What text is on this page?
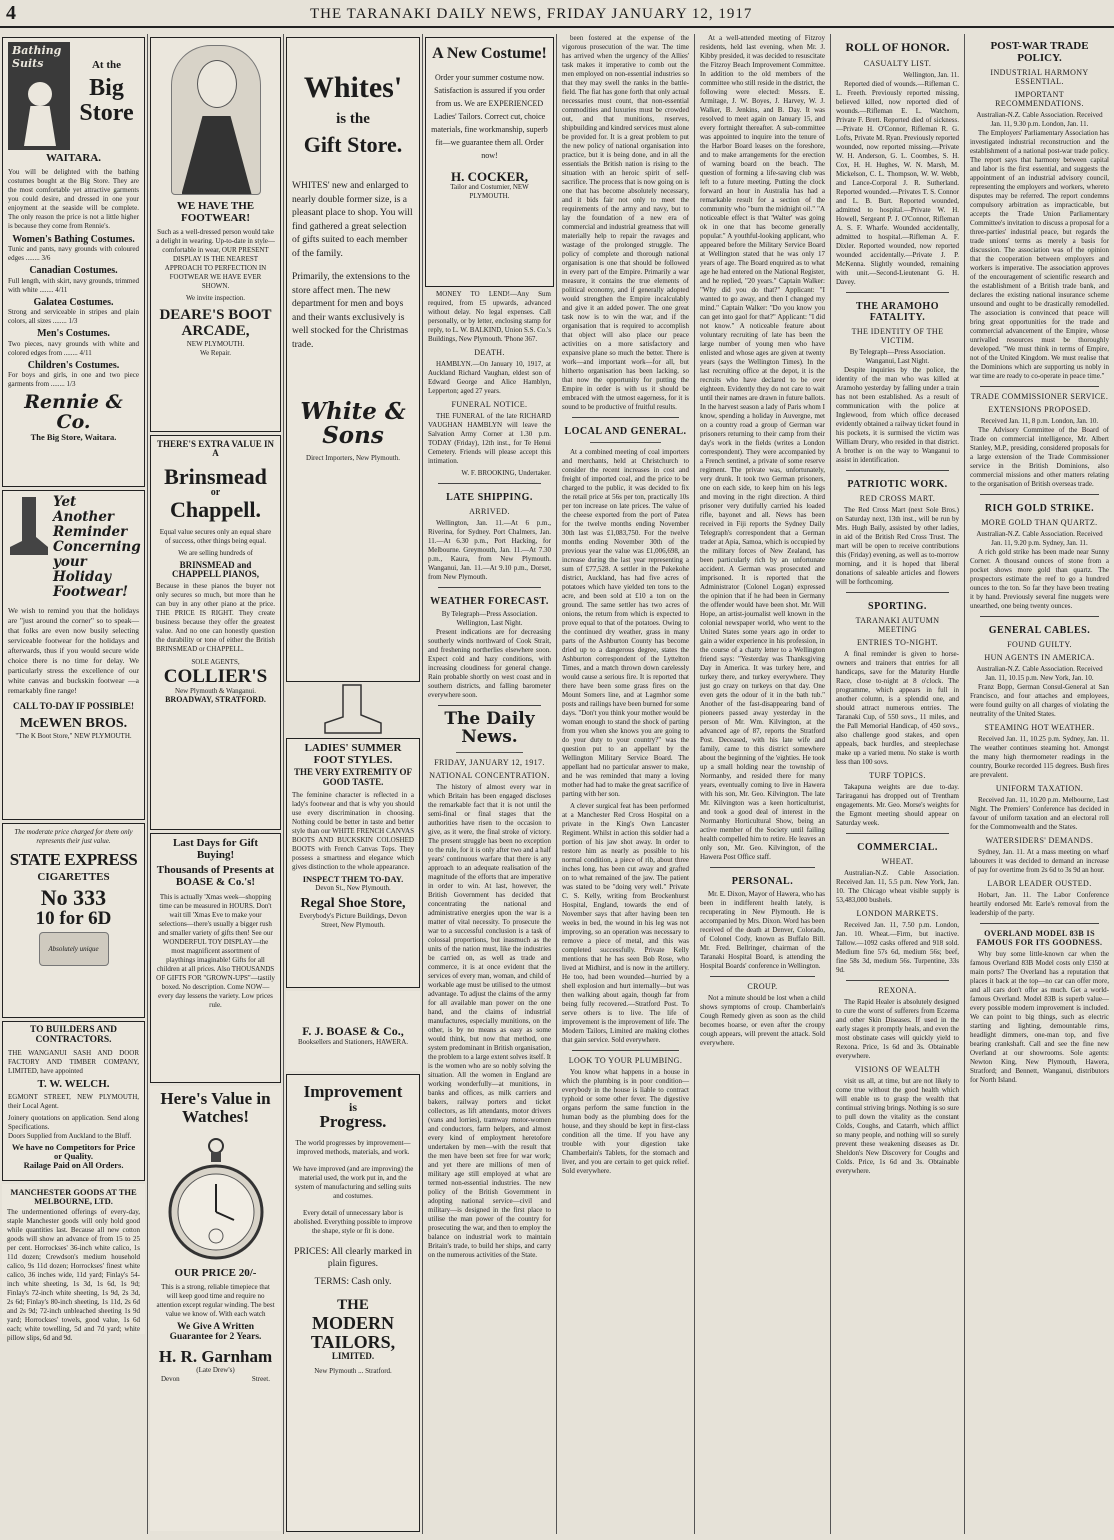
4	THE TARANAKI DAILY NEWS, FRIDAY JANUARY 12, 1917
Bathing Suits	At the
Big Store
WAITARA.
You will be delighted with the bathing costumes bought at the Big Store. They are the most comfortable yet attractive garments you could desire, and dressed in one your enjoyment at the seaside will be complete. The only reason the price is not a little higher is because they come from Rennie's.
Women's Bathing Costumes.
Tunic and pants, navy grounds with coloured edges ........ 3/6
Canadian Costumes.
Full length, with skirt, navy grounds, trimmed with white ........ 4/11
Galatea Costumes.
Strong and serviceable in stripes and plain colors, all sizes ........ 1/3
Men's Costumes.
Two pieces, navy grounds with white and colored edges from ........ 4/11
Children's Costumes.
For boys and girls, in one and two piece garments from ........ 1/3
Rennie & Co.
The Big Store, Waitara.
Yet Another Reminder Concerning your Holiday Footwear!
We wish to remind you that the holidays are "just around the corner" so to speak—that folks are even now busily selecting serviceable footwear for the holidays and afterwards, thus if you would secure wide choice there is no time for delay. We particularly stress the excellence of our white canvas and buckskin footwear —a remarkably fine range!
CALL TO-DAY IF POSSIBLE!
McEWEN BROS.
"The K Boot Store," NEW PLYMOUTH.
The moderate price charged for them only represents their just value.
STATE EXPRESS
CIGARETTES
No 333
10 for 6D
Absolutely unique
TO BUILDERS AND CONTRACTORS.
THE WANGANUI SASH AND DOOR FACTORY AND TIMBER COMPANY, LIMITED, have appointed
T. W. WELCH.
EGMONT STREET, NEW PLYMOUTH, their Local Agent.
Joinery quotations on application. Send along Specifications.
Doors Supplied from Auckland to the Bluff.
We have no Competitors for Price or Quality.
Railage Paid on All Orders.
MANCHESTER GOODS AT THE MELBOURNE, LTD.
The undermentioned offerings of every-day, staple Manchester goods will only hold good while quantities last. Because all new cotton goods will show an advance of from 15 to 25 per cent. Horrockses' 36-inch white calico, 1s 11d dozen; Crewdson's medium household calico, 9s 11d dozen; Horrockses' finest white calico, 36 inches wide, 11d yard; Finlay's 54-inch white sheeting, 1s 3d, 1s 6d, 1s 9d; Finlay's 72-inch white sheeting, 1s 9d, 2s 3d, 2s 6d; Finlay's 80-inch sheeting, 1s 11d, 2s 6d and 2s 9d; 72-inch unbleached sheeting 1s 9d yard; Horrockses' towels, good value, 1s 6d each; white towelling, 5d and 7d yard; white pillow slips, 6d and 9d.
WE HAVE THE FOOTWEAR!
Such as a well-dressed person would take a delight in wearing. Up-to-date in style—comfortable in wear, OUR PRESENT DISPLAY IS THE NEAREST APPROACH TO PERFECTION IN FOOTWEAR WE HAVE EVER SHOWN.
We invite inspection.
DEARE'S BOOT ARCADE,
NEW PLYMOUTH.
We Repair.
THERE'S EXTRA VALUE IN A
Brinsmead
or
Chappell.
Equal value secures only an equal share of success, other things being equal.
We are selling hundreds of
BRINSMEAD and CHAPPELL PIANOS,
Because in these pianos the buyer not only secures so much, but more than he can buy in any other piano at the price. THE PRICE IS RIGHT. They create business because they offer the greatest value. And no one can honestly question the durability or tone of either the British BRINSMEAD or CHAPPELL.
SOLE AGENTS,
COLLIER'S
New Plymouth & Wanganui.
BROADWAY, STRATFORD.
Last Days for Gift Buying!
Thousands of Presents at BOASE & Co.'s!
This is actually 'Xmas week—shopping time can be measured in HOURS. Don't wait till 'Xmas Eve to make your selections—there's usually a bigger rush and smaller variety of gifts then! See our WONDERFUL TOY DISPLAY—the most magnificent assortment of playthings imaginable! Gifts for all children at all prices. Also THOUSANDS OF GIFTS FOR "GROWN-UPS"—tastily boxed. No description. Come NOW—every day lessens the variety. Low prices rule.
Here's Value in Watches!
OUR PRICE 20/-
This is a strong, reliable timepiece that will keep good time and require no attention except regular winding. The best value we know of. With each watch
We Give A Written Guarantee for 2 Years.
H. R. Garnham
(Late Drew's)
Devon	Street.
Whites'
is the
Gift Store.
WHITES' new and enlarged to nearly double former size, is a pleasant place to shop. You will find gathered a great selection of gifts suited to each member of the family.
Primarily, the extensions to the store affect men. The new department for men and boys and their wants exclusively is well stocked for the Christmas trade.
White & Sons
Direct Importers, New Plymouth.
LADIES' SUMMER FOOT STYLES.
THE VERY EXTREMITY OF GOOD TASTE.
The feminine character is reflected in a lady's footwear and that is why you should use every discrimination in choosing. Nothing could be better in taste and better style than our WHITE FRENCH CANVAS BOOTS AND BUCKSKIN COLOSHED BOOTS with French Canvas Tops. They possess a smartness and elegance which gives distinction to the whole appearance.
INSPECT THEM TO-DAY.
Devon St., New Plymouth.
Regal Shoe Store,
Everybody's Picture Buildings, Devon Street, New Plymouth.
F. J. BOASE & Co.,
Booksellers and Stationers, HAWERA.
Improvement
is
Progress.
The world progresses by improvement—improved methods, materials, and work.
We have improved (and are improving) the material used, the work put in, and the system of manufacturing and selling suits and costumes.
Every detail of unnecessary labor is abolished. Everything possible to improve the shape, style or fit is done.
PRICES: All clearly marked in plain figures.
TERMS: Cash only.
THE
MODERN TAILORS,
LIMITED.
New Plymouth ... Stratford.
A New Costume!
Order your summer costume now. Satisfaction is assured if you order from us. We are EXPERIENCED Ladies' Tailors. Correct cut, choice materials, fine workmanship, superb fit—we guarantee them all. Order now!
H. COCKER,
Tailor and Costumier, NEW PLYMOUTH.

MONEY TO LEND!—Any Sum required, from £5 upwards, advanced without delay. No legal expenses. Call personally, or by letter, enclosing stamp for reply, to L. W. BALKIND, Union S.S. Co.'s Buildings, New Plymouth. 'Phone 367.

DEATH.

HAMBLYN.—On January 10, 1917, at Auckland Richard Vaughan, eldest son of Edward George and Alice Hamblyn, Lepperton; aged 27 years.

FUNERAL NOTICE.

THE FUNERAL of the late RICHARD VAUGHAN HAMBLYN will leave the Salvation Army Corner at 1.30 p.m. TODAY (Friday), 12th inst., for Te Henui Cemetery. Friends will please accept this intimation.

W. F. BROOKING, Undertaker.

LATE SHIPPING.
ARRIVED.

Wellington, Jan. 11.—At 6 p.m., Riverina, for Sydney. Port Chalmers, Jan. 11.—At 6.30 p.m., Port Hacking, for Melbourne. Greymouth, Jan. 11.—At 7.30 p.m., Kaura, from New Plymouth. Wanganui, Jan. 11.—At 9.10 p.m., Dorset, from New Plymouth.

WEATHER FORECAST.

By Telegraph—Press Association. Wellington, Last Night.

Present indications are for decreasing southerly winds northward of Cook Strait, and freshening northerlies elsewhere soon. Expect cold and hazy conditions, with increasing cloudiness for general change. Rain probable shortly on west coast and in southern districts, and falling barometer everywhere soon.

The Daily News.
FRIDAY, JANUARY 12, 1917.
NATIONAL CONCENTRATION.

The history of almost every war in which Britain has been engaged discloses the remarkable fact that it is not until the semi-final or final stages that the authorities have risen to the occasion to give, as it were, the final stroke of victory. The present struggle has been no exception to the rule, for it is only after two and a half years' continuous warfare that there is any approach to an adequate realisation of the magnitude of the efforts that are imperative in order to win. At last, however, the British Government has decided that concentrating the national and administrative energies upon the war is a matter of vital necessity. To prosecute the war to a successful conclusion is a task of colossal proportions, but inasmuch as the units of the nation must, like the industries be carried on, as well as trade and commerce, it is at once evident that the services of every man, woman, and child of workable age must be utilised to the utmost advantage. To adjust the claims of the army for all available man power on the one hand, and the claims of industrial manufactures, especially munitions, on the other, is by no means as easy as some would think, but now that method, one system predominant in British organisation, the problem to a large extent solves itself. It is the women who are so nobly solving the situation. All the women in England are working wonderfully—at munitions, in banks and offices, as milk carriers and bakers, railway porters and ticket collectors, as lift attendants, motor drivers (vans and lorries), tramway motor-women and conductors, farm helpers, and almost every kind of employment heretofore undertaken by men—with the result that the men have been set free for war work; and yet there are millions of men of military age still employed at what are termed non-essential industries. The new policy of the British Government in adopting national service—civil and military—is designed in the first place to utilise the man power of the country for prosecuting the war, and then to employ the balance on industrial work to maintain Britain's trade, to build her ships, and carry on the numerous activities of the State.

been fostered at the expense of the vigorous prosecution of the war. The time has arrived when the urgency of the Allies' task makes it imperative to comb out the men employed on non-essential industries so that they may swell the ranks in the battle-field. The fiat has gone forth that only actual necessaries must count, that non-essential commodities and luxuries must be crowded out, and that munitions, reserves, shipbuilding and kindred services must alone be provided for. It is a great problem to put the new policy of national organisation into practice, but it is being done, and in all the essentials the British nation is rising to the situation with an heroic spirit of self-sacrifice. The process that is now going on is one that has become absolutely necessary, and it bids fair not only to meet the requirements of the army and navy, but to lay the foundation of a new era of commercial and industrial greatness that will materially help to repair the ravages and wastage of the prolonged struggle. The policy of complete and thorough national organisation is one that should be followed in every part of the Empire. Primarily a war measure, it contains the true elements of political economy, and if generally adopted would strengthen the Empire incalculably and give it an added power. The one great task now is to win the war, and if the organisation that is required to accomplish that object will also place our peace activities on a more satisfactory and expansive plane so much the better. There is work—and important work—for all, but hitherto organisation has been lacking, so that now the opportunity for putting the Empire in order is with us it should be embraced with the utmost eagerness, for it is sound to be productive of fruitful results.

LOCAL AND GENERAL.

At a combined meeting of coal importers and merchants, held at Christchurch to consider the recent increases in cost and freight of imported coal, and the price to be charged to the public, it was decided to fix the retail price at 56s per ton, practically 10s per ton increase on late prices. The value of the cheese exported from the port of Patea for the twelve months ending November 30th last was £1,083,750. For the twelve months ending November 30th of the previous year the value was £1,006,698, an increase during the last year representing a sum of £77,528. A settler in the Pukekohe district, Auckland, has had five acres of potatoes which have yielded ten tons to the acre, and been sold at £10 a ton on the ground. The same settler has two acres of onions, the return from which is expected to prove equal to that of the potatoes. Owing to the continued dry weather, grass in many parts of the Ashburton County has become dried up to a dangerous degree, states the Ashburton correspondent of the Lyttelton Times, and a match thrown down carelessly would cause a serious fire. It is reported that there have been some grass fires on the Mount Somers line, and at Lagmhor some posts and railings have been burned for some days. "Don't you think your mother would be woman enough to stand the shock of parting from you when she knows you are going to do your duty to your country?" was the question put to an appellant by the Wellington Military Service Board. The appellant had no particular answer to make, and he was reminded that many a loving mother had had to make the great sacrifice of parting with her son.

A clever surgical feat has been performed at a Manchester Red Cross Hospital on a private in the King's Own Lancaster Regiment. Whilst in action this soldier had a portion of his jaw shot away. In order to restore him as nearly as possible to his normal condition, a piece of rib, about three inches long, has been cut away and grafted on to what remained of the jaw. The patient was stated to be "doing very well." Private C. S. Kelly, writing from Brockenhurst Hospital, England, towards the end of November says that after having been ten weeks in bed, the wound in his leg was not improving, so an operation was necessary to remove a piece of metal, and this was completed successfully. Private Kelly mentions that he has seen Bob Rose, who lived at Midhirst, and is now in the artillery. He too, had been wounded—hurried by a shell explosion and hurt internally—but was then walking about again, though far from being fully recovered.—Stratford Post. To serve others is to live. The life of improvement is the improvement of life. The Modern Tailors, Limited are making clothes that gain service. Sold everywhere.

LOOK TO YOUR PLUMBING.

You know what happens in a house in which the plumbing is in poor condition—everybody in the house is liable to contract typhoid or some other fever. The digestive organs perform the same function in the human body as the plumbing does for the house, and they should be kept in first-class condition all the time. If you have any trouble with your digestion take Chamberlain's Tablets, for the stomach and liver, and you are certain to get quick relief. Sold everywhere.

At a well-attended meeting of Fitzroy residents, held last evening, when Mr. J. Kibby presided, it was decided to resuscitate the Fitzroy Beach Improvement Committee. In addition to the old members of the committee who still reside in the district, the following were elected: Messrs. E. Armitage, J. W. Boyes, J. Harvey, W. J. Walker, B. Jenkins, and B. Day. It was resolved to meet again on January 15, and every fortnight thereafter. A sub-committee was appointed to inquire into the tenure of the Harbor Board leases on the foreshore, and to make arrangements for the erection of warning board on the beach. The question of forming a life-saving club was left to a future meeting. Putting the clock forward an hour in Australia has had a remarkable result for a section of the community who "burn the midnight oil." "A noticeable effect is that 'Walter' was going ok in one that has become generally popular." A youthful-looking applicant, who appeared before the Military Service Board at Wellington stated that he was only 17 years of age. The Board enquired as to what age he had entered on the National Register, and he replied, "20 years." Captain Walker: "Why did you do that?" Applicant: "I wanted to go away, and then I changed my mind." Captain Walker: "Do you know you can get into gaol for that?" Applicant: "I did not know." A noticeable feature about voluntary recruiting of late has been the large number of young men who have enlisted and whose ages are given at twenty years (says the Wellington Times). In the last recruiting office at the depot, it is the recruits who have declared to be over eighteen. Evidently they do not care to wait until their names are drawn in future ballots. In the harvest season a lady of Paris whom I know, spending a holiday in Auvergne, met on a country road a group of German war prisoners returning to their camp from their day's work in the fields (writes a London correspondent). They were accompanied by a French sentinel, a private of some reserve regiment. The private was, unfortunately, very drunk. It took two German prisoners, one on each side, to keep him on his legs and moving in the right direction. A third prisoner very dutifully carried his loaded rifle, bayonet and all. News has been received in Fiji reports the Sydney Daily Telegraph's correspondent that a German trader at Apia, Samoa, which is occupied by the military forces of New Zealand, has been particularly rich by an unfortunate accident. A German was prosecuted and imprisoned. It is reported that the Administrator (Colonel Logan) expressed the opinion that if he had been in Germany the offender would have been shot. Mr. Will Hope, an artist-journalist well known in the colonial newspaper world, who went to the United States some years ago in order to gain a wider experience in his profession, in the course of a chatty letter to a Wellington friend says: "Yesterday was Thanksgiving Day in America. It was turkey here, and turkey there, and turkey everywhere. They just go crazy on turkeys on that day. One even gets the odour of it in the bath tub." Another of the fast-disappearing band of pioneers passed away yesterday in the person of Mr. Wm. Kilvington, at the advanced age of 87, reports the Stratford Post. Deceased, with his late wife and family, came to this district somewhere about the beginning of the 'eighties. He took up a small holding near the township of Normanby, and resided there for many years, eventually coming to live in Hawera with his son, Mr. Geo. Kilvington. The late Mr. Kilvington was a keen horticulturist, and took a good deal of interest in the Normanby Horticultural Show, being an active member of the Society until failing health compelled him to retire. He leaves an only son, Mr. Geo. Kilvington, of the Hawera Post Office staff.

PERSONAL.

Mr. E. Dixon, Mayor of Hawera, who has been in indifferent health lately, is recuperating in New Plymouth. He is accompanied by Mrs. Dixon. Word has been received of the death at Denver, Colorado, of Colonel Cody, known as Buffalo Bill. Mr. Fred. Bellringer, chairman of the Taranaki Hospital Board, is attending the Hospital Boards' conference in Wellington.

CROUP.

Not a minute should be lost when a child shows symptoms of croup. Chamberlain's Cough Remedy given as soon as the child becomes hoarse, or even after the croupy cough appears, will prevent the attack. Sold everywhere.

ROLL OF HONOR.
CASUALTY LIST.

Wellington, Jan. 11.

Reported died of wounds.—Rifleman C. L. Freeth. Previously reported missing, believed killed, now reported died of wounds.—Rifleman E. L. Watchorn, Private F. Brett. Reported died of sickness.—Private H. O'Connor, Rifleman R. G. Lofts, Private M. Ryan. Previously reported wounded, now reported missing.—Private W. H. Anderson, G. L. Coombes, S. H. Cox, H. H. Hughes, W. N. Marsh, M. Mickelson, C. L. Thompson, W. W. Webb, and Lance-Corporal J. R. Sutherland. Reported wounded.—Privates T. S. Connor and L. B. Burt. Reported wounded, admitted to hospital.—Private W. H. Howell, Sergeant P. J. O'Connor, Rifleman A. S. F. Wharfe. Wounded accidentally, admitted to hospital.—Rifleman A. F. Dixler. Reported wounded, now reported wounded accidentally.—Private J. P. McKenna. Slightly wounded, remaining with unit.—Second-Lieutenant G. H. Davey.

THE ARAMOHO FATALITY.
THE IDENTITY OF THE VICTIM.

By Telegraph—Press Association. Wanganui, Last Night.

Despite inquiries by the police, the identity of the man who was killed at Aramoho yesterday by falling under a train has not been established. As a result of communication with the police at Inglewood, from which office deceased evidently obtained a railway ticket found in his pockets, it is surmised the victim was William Drury, who resided in that district. A brother is on the way to Wanganui to assist in identification.

PATRIOTIC WORK.
RED CROSS MART.

The Red Cross Mart (next Sole Bros.) on Saturday next, 13th inst., will be run by Mrs. Hugh Baily, assisted by other ladies, in aid of the British Red Cross Trust. The mart will be open to receive contributions this (Friday) evening, as well as to-morrow morning, and it is hoped that liberal donations of saleable articles and flowers will be forthcoming.

SPORTING.
TARANAKI AUTUMN MEETING
ENTRIES TO-NIGHT.

A final reminder is given to horse-owners and trainers that entries for all handicaps, save for the Maturity Hurdle Race, close to-night at 8 o'clock. The programme, which appears in full in another column, is a splendid one, and should attract numerous entries. The Taranaki Cup, of 550 sovs., 11 miles, and the Pall Memorial Handicap, of 450 sovs., also challenge good stakes, and open appeals, back hurdles, and steeplechase make up a varied menu. No stake is worth less than 100 sovs.

TURF TOPICS.

Takapuna weights are due to-day. Tariraganui has dropped out of Trentham engagements. Mr. Geo. Morse's weights for the Egmont meeting should appear on Saturday week.

COMMERCIAL.
WHEAT.

Australian-N.Z. Cable Association. Received Jan. 11, 5.5 p.m. New York, Jan. 10. The Chicago wheat visible supply is 53,483,000 bushels.

LONDON MARKETS.

Received Jan. 11, 7.50 p.m. London, Jan. 10. Wheat.—Firm, but inactive. Tallow.—1092 casks offered and 918 sold. Medium fine 57s 6d, medium 56s; beef, fine 58s 3d, medium 56s. Turpentine, 33s 9d.

REXONA.

The Rapid Healer is absolutely designed to cure the worst of sufferers from Eczema and other Skin Diseases. If used in the early stages it promptly heals, and even the most obstinate cases will quickly yield to Rexona. Price, 1s 6d and 3s. Obtainable everywhere.

VISIONS OF WEALTH

visit us all, at time, but are not likely to come true without the good health which will enable us to grasp the wealth that continual striving brings. Nothing is so sure to pull down the vitality as the constant Colds, Coughs, and Catarrh, which afflict so many people, and nothing will so surely prevent these weakening diseases as Dr. Sheldon's New Discovery for Coughs and Colds. Price, 1s 6d and 3s. Obtainable everywhere.

POST-WAR TRADE POLICY.
INDUSTRIAL HARMONY ESSENTIAL.
IMPORTANT RECOMMENDATIONS.

Australian-N.Z. Cable Association. Received Jan. 11, 9.30 p.m. London, Jan. 11.

The Employers' Parliamentary Association has investigated industrial reconstruction and the establishment of a national post-war trade policy. The report says that harmony between capital and labor is the first essential, and suggests the appointment of an industrial advisory council, representing the employers and workers, whereto disputes may be referred. The report condemns compulsory arbitration as impracticable, but accepts the Trade Union Parliamentary Committee's invitation to discuss a proposal for a three-parties' industrial peace, but regards the trade unions' terms as merely a basis for discussion. The association was of the opinion that the cooperation between employers and workers is imperative. The association approves of the encouragement of scientific research and the establishment of a British trade bank, and declares the existing national insurance scheme unsound and ought to be drastically remodelled. The association is convinced that peace will bring great opportunities for the trade and commercial advancement of the Empire, whose unrivalled resources must be thoroughly developed. "We must think in terms of Empire, not of the United Kingdom. We must realise that the Dominions which are supporting us nobly in war time are ready to co-operate in peace time."

TRADE COMMISSIONER SERVICE.
EXTENSIONS PROPOSED.

Received Jan. 11, 8 p.m. London, Jan. 10.

The Advisory Committee of the Board of Trade on commercial intelligence, Mr. Albert Stanley, M.P., presiding, considered proposals for a large extension of the Trade Commissioner service in the British Dominions, also commercial missions and other matters relating to the organisation of British overseas trade.

RICH GOLD STRIKE.
MORE GOLD THAN QUARTZ.

Australian-N.Z. Cable Association. Received Jan. 11, 9.20 p.m. Sydney, Jan. 11.

A rich gold strike has been made near Sunny Corner. A thousand ounces of stone from a pocket shows more gold than quartz. The prospectors estimate the reef to go a hundred ounces to the ton. So far they have been treating it by hand. Previously several fine nuggets were unearthed, one being twenty ounces.

GENERAL CABLES.
FOUND GUILTY.
HUN AGENTS IN AMERICA.

Australian-N.Z. Cable Association. Received Jan. 11, 10.15 p.m. New York, Jan. 10.

Franz Bopp, German Consul-General at San Francisco, and four attaches and employees, were found guilty on all charges of violating the neutrality of the United States.

STEAMING HOT WEATHER.

Received Jan. 11, 10.25 p.m. Sydney, Jan. 11. The weather continues steaming hot. Amongst the many high thermometer readings in the country, Bourke recorded 115 degrees. Bush fires are prevalent.

UNIFORM TAXATION.

Received Jan. 11, 10.20 p.m. Melbourne, Last Night. The Premiers' Conference has decided in favour of uniform taxation and an electoral roll for the Commonwealth and the States.

WATERSIDERS' DEMANDS.

Sydney, Jan. 11. At a mass meeting on wharf labourers it was decided to demand an increase of pay for overtime from 2s 6d to 3s 9d an hour.

LABOR LEADER OUSTED.

Hobart, Jan. 11. The Labor Conference heartily endorsed Mr. Earle's removal from the leadership of the party.

OVERLAND MODEL 83B IS FAMOUS FOR ITS GOODNESS.

Why buy some little-known car when the famous Overland 83B Model costs only £350 at main ports? The Overland has a reputation that places it back at the top—no car can offer more, and all cars don't offer as much. Get a world-famous Overland. Model 83B is superb value—every possible modern improvement is included. We can point to big things, such as electric starting and lighting, demountable rims, headlight dimmers, one-man top, and five bearing crankshaft. Call and see the fine new Overland at our showrooms. Sole agents: Newton King, New Plymouth, Hawera, Stratford; and Bennett, Wanganui, distributors for North Island.
